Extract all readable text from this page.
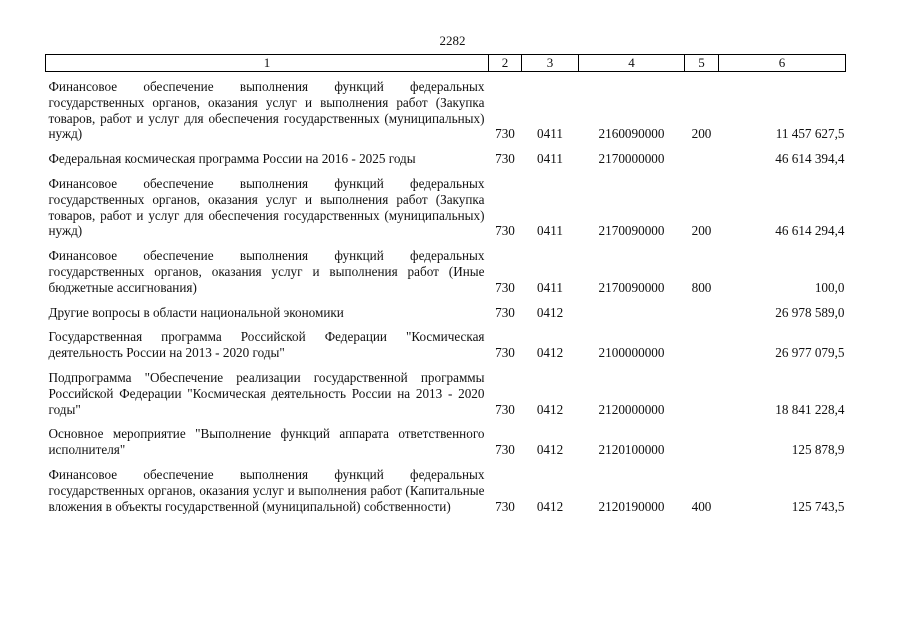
2282
1	2	3	4	5	6
Финансовое обеспечение выполнения функций федеральных государственных органов, оказания услуг и выполнения работ (Закупка товаров, работ и услуг для обеспечения государственных (муниципальных) нужд)	730	0411	2160090000	200	11 457 627,5
Федеральная космическая программа России на 2016 - 2025 годы	730	0411	2170000000		46 614 394,4
Финансовое обеспечение выполнения функций федеральных государственных органов, оказания услуг и выполнения работ (Закупка товаров, работ и услуг для обеспечения государственных (муниципальных) нужд)	730	0411	2170090000	200	46 614 294,4
Финансовое обеспечение выполнения функций федеральных государственных органов, оказания услуг и выполнения работ (Иные бюджетные ассигнования)	730	0411	2170090000	800	100,0
Другие вопросы в области национальной экономики	730	0412			26 978 589,0
Государственная программа Российской Федерации "Космическая деятельность России на 2013 - 2020 годы"	730	0412	2100000000		26 977 079,5
Подпрограмма "Обеспечение реализации государственной программы Российской Федерации "Космическая деятельность России на 2013 - 2020 годы"	730	0412	2120000000		18 841 228,4
Основное мероприятие "Выполнение функций аппарата ответственного исполнителя"	730	0412	2120100000		125 878,9
Финансовое обеспечение выполнения функций федеральных государственных органов, оказания услуг и выполнения работ (Капитальные вложения в объекты государственной (муниципальной) собственности)	730	0412	2120190000	400	125 743,5
